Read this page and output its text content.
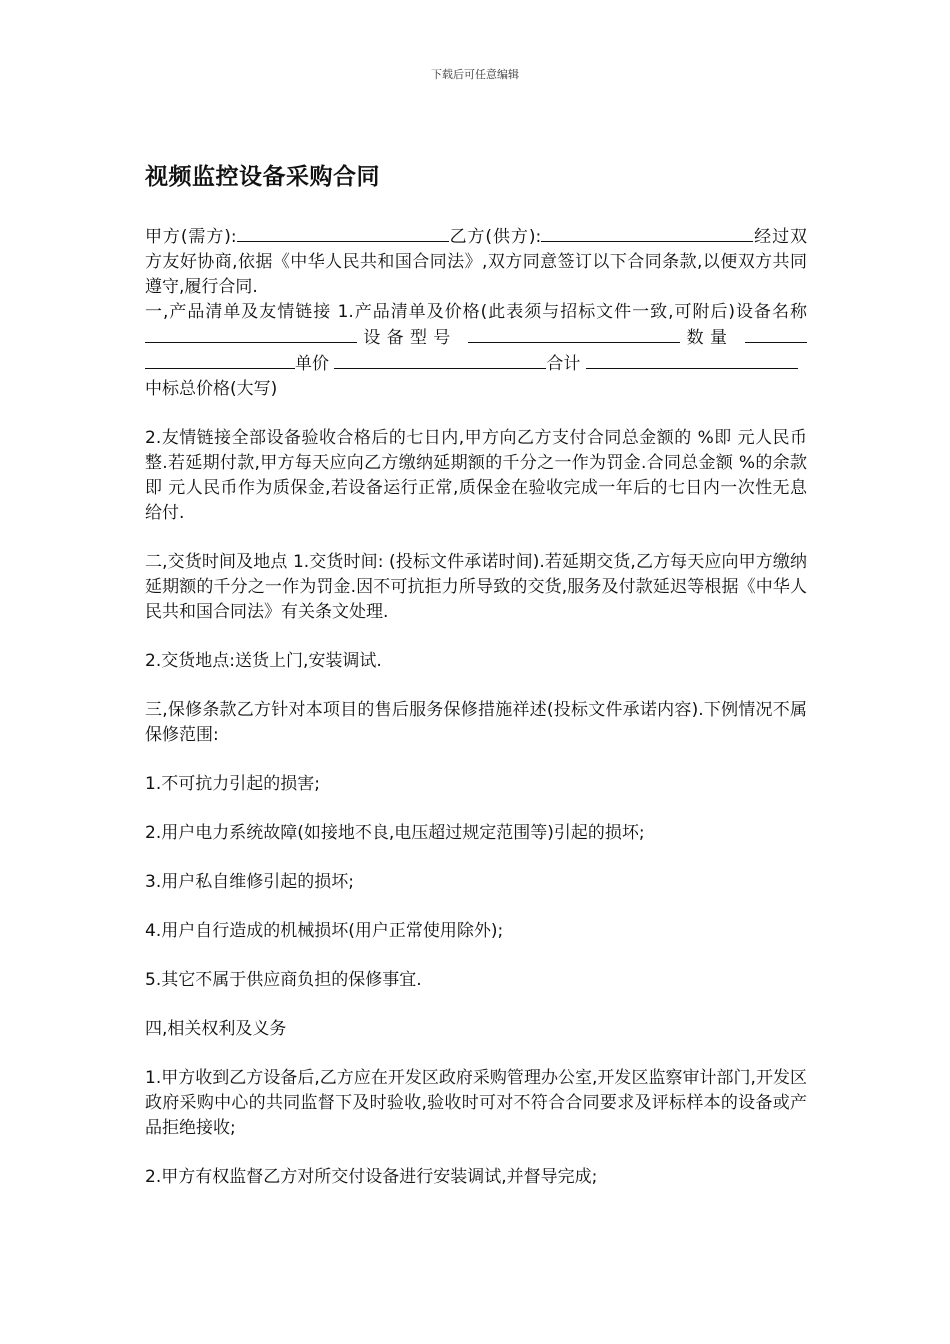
下载后可任意编辑
视频监控设备采购合同

甲方(需方):	乙方(供方):	经过双方友好协商,依据《中华人民共和国合同法》,双方同意签订以下合同条款,以便双方共同遵守,履行合同.

一,产品清单及友情链接 1.产品清单及价格(此表须与招标文件一致,可附后)设备名称 设备型号	数量 单价	合计

中标总价格(大写)

2.友情链接全部设备验收合格后的七日内,甲方向乙方支付合同总金额的 %即 元人民币整.若延期付款,甲方每天应向乙方缴纳延期额的千分之一作为罚金.合同总金额 %的余款即 元人民币作为质保金,若设备运行正常,质保金在验收完成一年后的七日内一次性无息给付.

二,交货时间及地点 1.交货时间: (投标文件承诺时间).若延期交货,乙方每天应向甲方缴纳延期额的千分之一作为罚金.因不可抗拒力所导致的交货,服务及付款延迟等根据《中华人民共和国合同法》有关条文处理.

2.交货地点:送货上门,安装调试.

三,保修条款乙方针对本项目的售后服务保修措施祥述(投标文件承诺内容).下例情况不属保修范围:

1.不可抗力引起的损害;

2.用户电力系统故障(如接地不良,电压超过规定范围等)引起的损坏;

3.用户私自维修引起的损坏;

4.用户自行造成的机械损坏(用户正常使用除外);

5.其它不属于供应商负担的保修事宜.

四,相关权利及义务

1.甲方收到乙方设备后,乙方应在开发区政府采购管理办公室,开发区监察审计部门,开发区政府采购中心的共同监督下及时验收,验收时可对不符合合同要求及评标样本的设备或产品拒绝接收;

2.甲方有权监督乙方对所交付设备进行安装调试,并督导完成;
